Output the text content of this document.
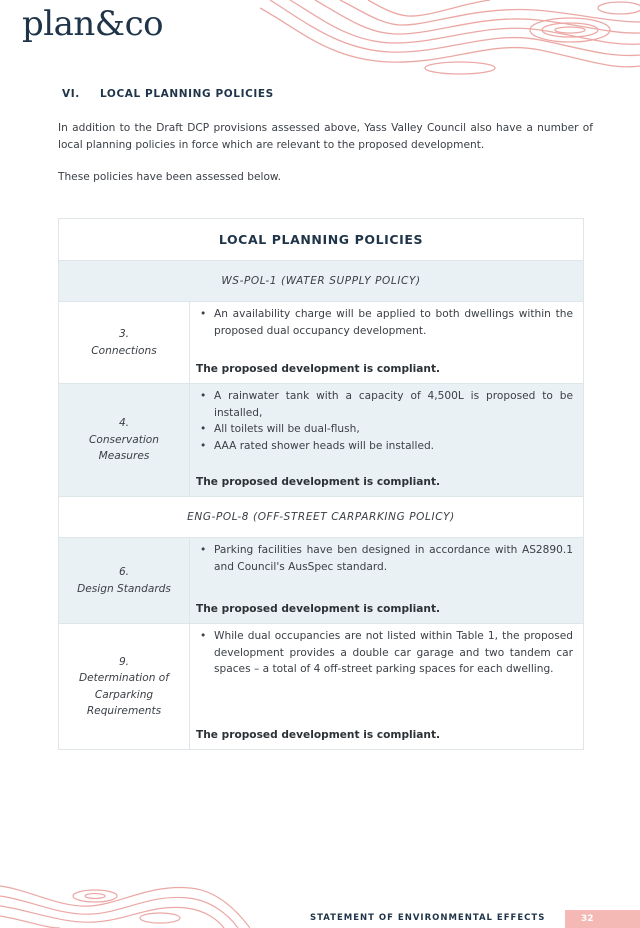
plan&co
VI.	LOCAL PLANNING POLICIES

In addition to the Draft DCP provisions assessed above, Yass Valley Council also have a number of local planning policies in force which are relevant to the proposed development.

These policies have been assessed below.

LOCAL PLANNING POLICIES
WS-POL-1 (WATER SUPPLY POLICY)
3.
Connections
• An availability charge will be applied to both dwellings within the proposed dual occupancy development.
The proposed development is compliant.
4.
Conservation Measures
• A rainwater tank with a capacity of 4,500L is proposed to be installed,
• All toilets will be dual-flush,
• AAA rated shower heads will be installed.
The proposed development is compliant.
ENG-POL-8 (OFF-STREET CARPARKING POLICY)
6.
Design Standards
• Parking facilities have ben designed in accordance with AS2890.1 and Council's AusSpec standard.
The proposed development is compliant.
9.
Determination of Carparking Requirements
• While dual occupancies are not listed within Table 1, the proposed development provides a double car garage and two tandem car spaces – a total of 4 off-street parking spaces for each dwelling.
The proposed development is compliant.
STATEMENT OF ENVIRONMENTAL EFFECTS	32
